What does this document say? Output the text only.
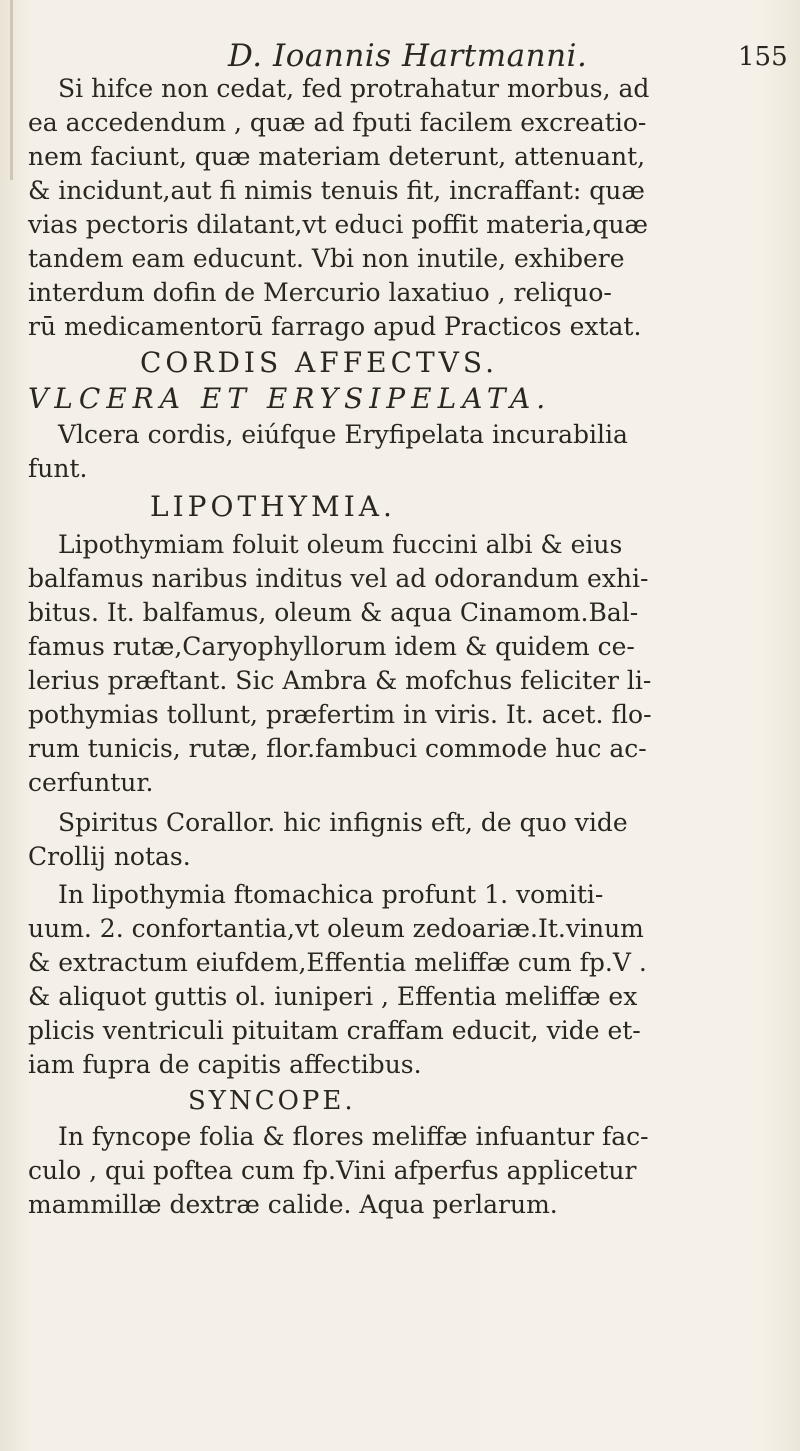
D. Ioannis Hartmanni.	155
Si hifce non cedat, fed protrahatur morbus, ad
ea accedendum , quæ ad fputi facilem excreatio-
nem faciunt, quæ materiam deterunt, attenuant,
& incidunt,aut fi nimis tenuis fit, incraffant: quæ
vias pectoris dilatant,vt educi poffit materia,quæ
tandem eam educunt. Vbi non inutile, exhibere
interdum dofin de Mercurio laxatiuo , reliquo-
rū medicamentorū farrago apud Practicos extat.
CORDIS AFFECTVS.
VLCERA ET ERYSIPELATA.
Vlcera cordis, eiúfque Eryfipelata incurabilia
funt.
LIPOTHYMIA.
Lipothymiam foluit oleum fuccini albi & eius
balfamus naribus inditus vel ad odorandum exhi-
bitus. It. balfamus, oleum & aqua Cinamom.Bal-
famus rutæ,Caryophyllorum idem & quidem ce-
lerius præftant. Sic Ambra & mofchus feliciter li-
pothymias tollunt, præfertim in viris. It. acet. flo-
rum tunicis, rutæ, flor.fambuci commode huc ac-
cerfuntur.
Spiritus Corallor. hic infignis eft, de quo vide
Crollij notas.
In lipothymia ftomachica profunt 1. vomiti-
uum. 2. confortantia,vt oleum zedoariæ.It.vinum
& extractum eiufdem,Effentia meliffæ cum fp.V .
& aliquot guttis ol. iuniperi , Effentia meliffæ ex
plicis ventriculi pituitam craffam educit, vide et-
iam fupra de capitis affectibus.
SYNCOPE.
In fyncope folia & flores meliffæ infuantur fac-
culo , qui poftea cum fp.Vini afperfus applicetur
mammillæ dextræ calide. Aqua perlarum.
